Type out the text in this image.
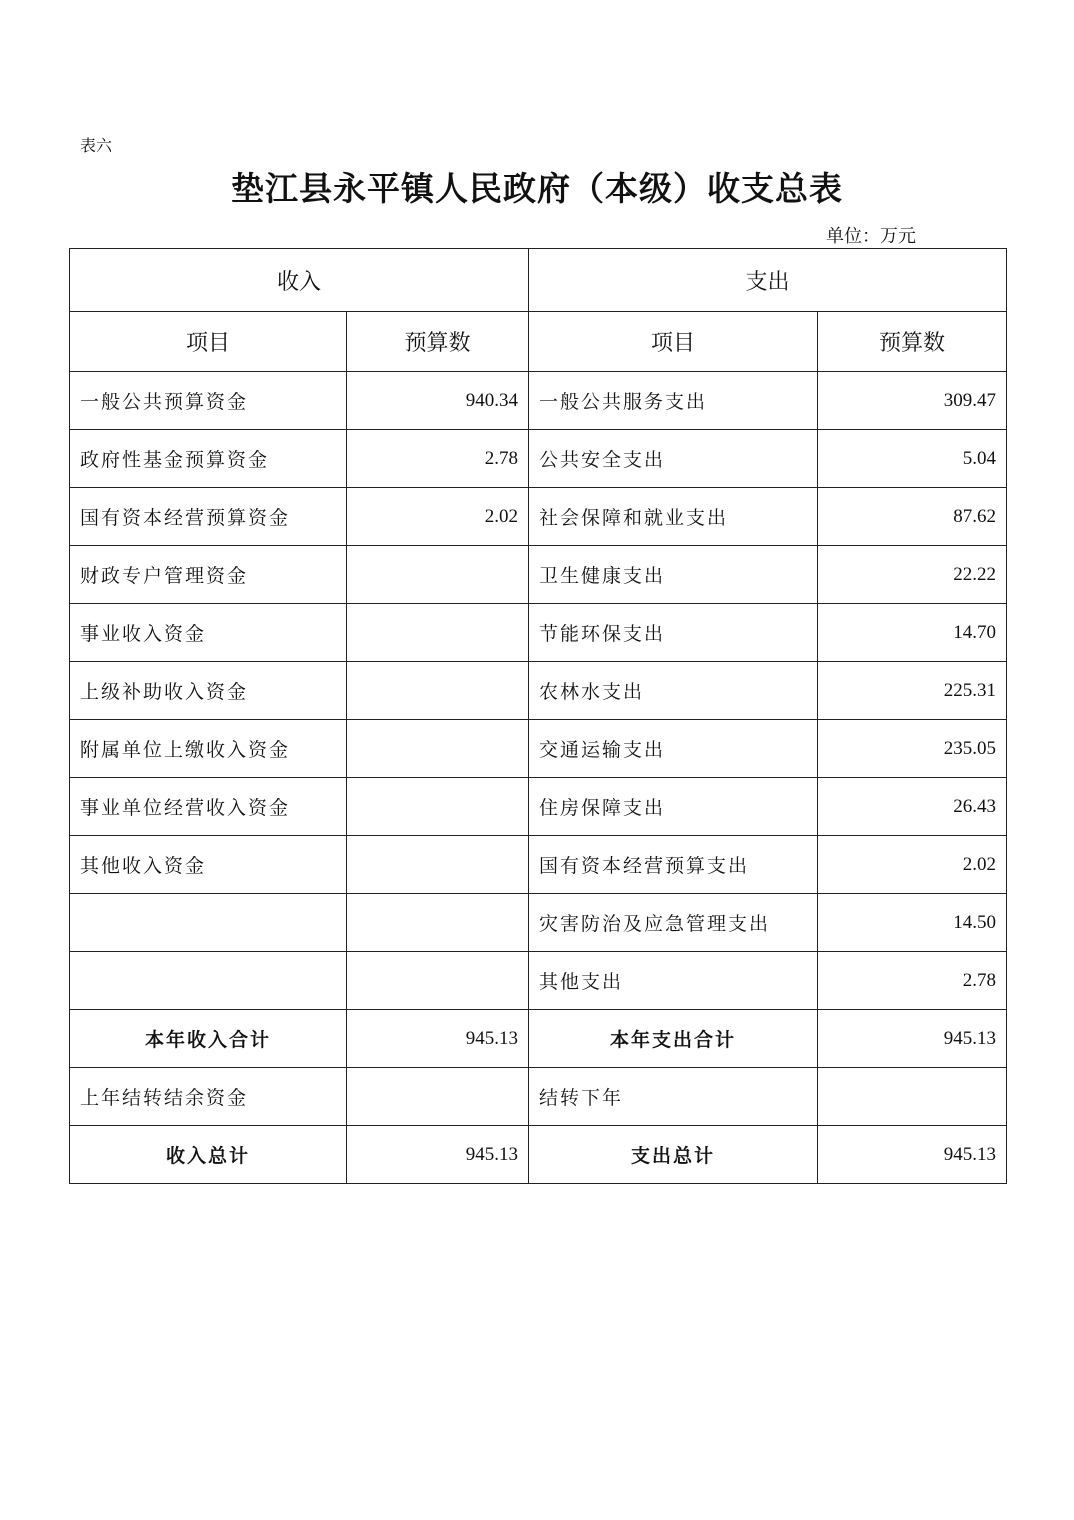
表六
垫江县永平镇人民政府（本级）收支总表
单位：万元
收入		支出	
项目	预算数	项目	预算数
一般公共预算资金	940.34	一般公共服务支出	309.47
政府性基金预算资金	2.78	公共安全支出	5.04
国有资本经营预算资金	2.02	社会保障和就业支出	87.62
财政专户管理资金		卫生健康支出	22.22
事业收入资金		节能环保支出	14.70
上级补助收入资金		农林水支出	225.31
附属单位上缴收入资金		交通运输支出	235.05
事业单位经营收入资金		住房保障支出	26.43
其他收入资金		国有资本经营预算支出	2.02
		灾害防治及应急管理支出	14.50
		其他支出	2.78
本年收入合计	945.13	本年支出合计	945.13
上年结转结余资金		结转下年	
收入总计	945.13	支出总计	945.13
